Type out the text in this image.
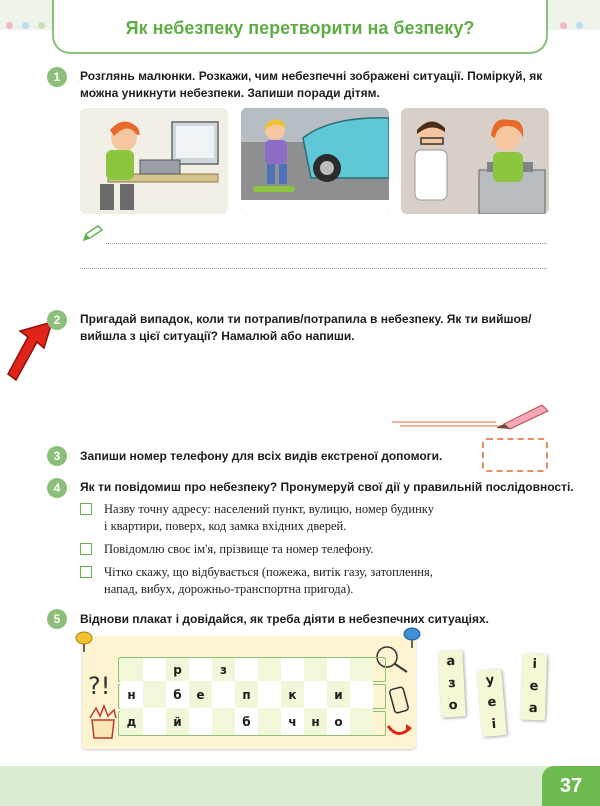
Як небезпеку перетворити на безпеку?
1	Розглянь малюнки. Розкажи, чим небезпечні зображені ситуації. Поміркуй, як
можна уникнути небезпеки. Запиши поради дітям.
2	Пригадай випадок, коли ти потрапив/потрапила в небезпеку. Як ти вийшов/
вийшла з цієї ситуації? Намалюй або напиши.
3	Запиши номер телефону для всіх видів екстреної допомоги.
4	Як ти повідомиш про небезпеку? Пронумеруй свої дії у правильній послідовності.
Назву точну адресу: населений пункт, вулицю, номер будинку
і квартири, поверх, код замка вхідних дверей.
Повідомлю своє ім'я, прізвище та номер телефону.
Чітко скажу, що відбувається (пожежа, витік газу, затоплення,
напад, вибух, дорожньо-транспортна пригода).
5	Віднови плакат і довідайся, як треба діяти в небезпечних ситуаціях.
?!
		р		з						
н		б	е		п		к		и	
д		й			б		ч	н	о	
а
з
о
у
е
і
і
е
а
37
